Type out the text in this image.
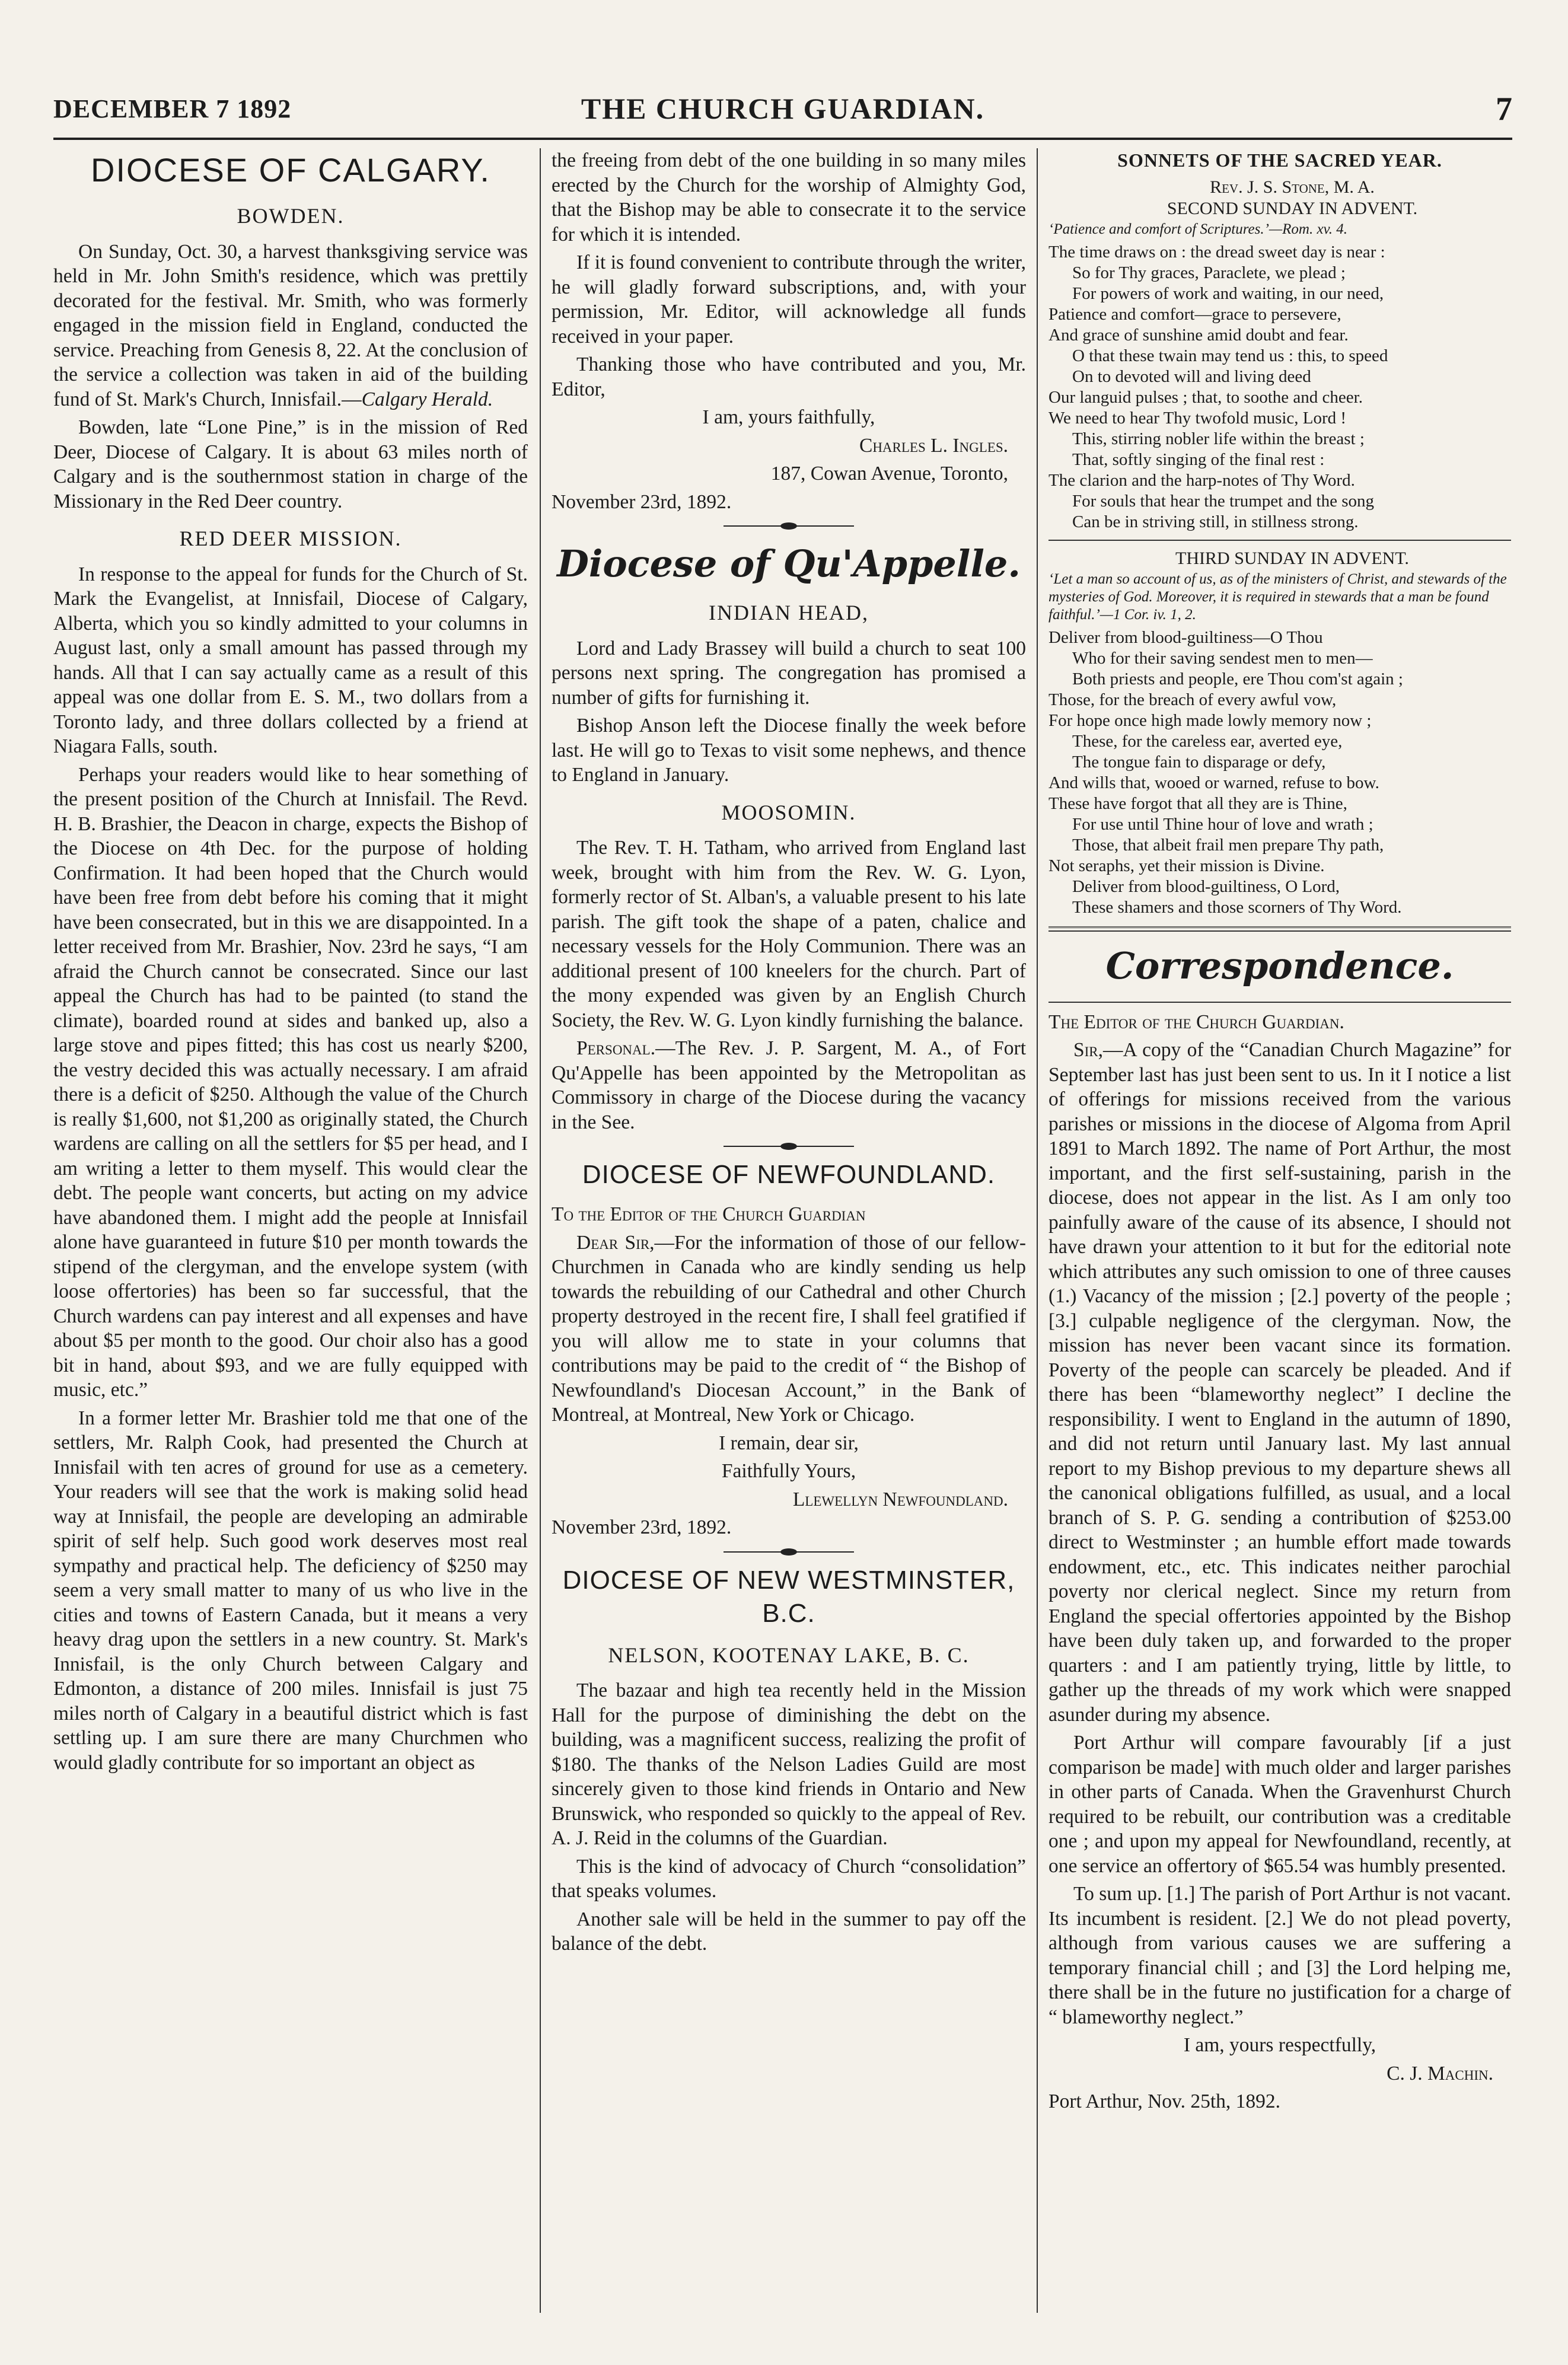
DECEMBER 7 1892	THE CHURCH GUARDIAN.	7
DIOCESE OF CALGARY.
BOWDEN.

On Sunday, Oct. 30, a harvest thanksgiving service was held in Mr. John Smith's residence, which was prettily decorated for the festival. Mr. Smith, who was formerly engaged in the mission field in England, conducted the service. Preaching from Genesis 8, 22. At the conclusion of the service a collection was taken in aid of the building fund of St. Mark's Church, Innisfail.—Calgary Herald.

Bowden, late “Lone Pine,” is in the mission of Red Deer, Diocese of Calgary. It is about 63 miles north of Calgary and is the southernmost station in charge of the Missionary in the Red Deer country.

RED DEER MISSION.

In response to the appeal for funds for the Church of St. Mark the Evangelist, at Innisfail, Diocese of Calgary, Alberta, which you so kindly admitted to your columns in August last, only a small amount has passed through my hands. All that I can say actually came as a result of this appeal was one dollar from E. S. M., two dollars from a Toronto lady, and three dollars collected by a friend at Niagara Falls, south.

Perhaps your readers would like to hear something of the present position of the Church at Innisfail. The Revd. H. B. Brashier, the Deacon in charge, expects the Bishop of the Diocese on 4th Dec. for the purpose of holding Confirmation. It had been hoped that the Church would have been free from debt before his coming that it might have been consecrated, but in this we are disappointed. In a letter received from Mr. Brashier, Nov. 23rd he says, “I am afraid the Church cannot be consecrated. Since our last appeal the Church has had to be painted (to stand the climate), boarded round at sides and banked up, also a large stove and pipes fitted; this has cost us nearly $200, the vestry decided this was actually necessary. I am afraid there is a deficit of $250. Although the value of the Church is really $1,600, not $1,200 as originally stated, the Church wardens are calling on all the settlers for $5 per head, and I am writing a letter to them myself. This would clear the debt. The people want concerts, but acting on my advice have abandoned them. I might add the people at Innisfail alone have guaranteed in future $10 per month towards the stipend of the clergyman, and the envelope system (with loose offertories) has been so far successful, that the Church wardens can pay interest and all expenses and have about $5 per month to the good. Our choir also has a good bit in hand, about $93, and we are fully equipped with music, etc.”

In a former letter Mr. Brashier told me that one of the settlers, Mr. Ralph Cook, had presented the Church at Innisfail with ten acres of ground for use as a cemetery. Your readers will see that the work is making solid head way at Innisfail, the people are developing an admirable spirit of self help. Such good work deserves most real sympathy and practical help. The deficiency of $250 may seem a very small matter to many of us who live in the cities and towns of Eastern Canada, but it means a very heavy drag upon the settlers in a new country. St. Mark's Innisfail, is the only Church between Calgary and Edmonton, a distance of 200 miles. Innisfail is just 75 miles north of Calgary in a beautiful district which is fast settling up. I am sure there are many Churchmen who would gladly contribute for so important an object as

the freeing from debt of the one building in so many miles erected by the Church for the worship of Almighty God, that the Bishop may be able to consecrate it to the service for which it is intended.

If it is found convenient to contribute through the writer, he will gladly forward subscriptions, and, with your permission, Mr. Editor, will acknowledge all funds received in your paper.

Thanking those who have contributed and you, Mr. Editor,

I am, yours faithfully,

Charles L. Ingles.

187, Cowan Avenue, Toronto,

November 23rd, 1892.

Diocese of Qu'Appelle.
INDIAN HEAD,

Lord and Lady Brassey will build a church to seat 100 persons next spring. The congregation has promised a number of gifts for furnishing it.

Bishop Anson left the Diocese finally the week before last. He will go to Texas to visit some nephews, and thence to England in January.

MOOSOMIN.

The Rev. T. H. Tatham, who arrived from England last week, brought with him from the Rev. W. G. Lyon, formerly rector of St. Alban's, a valuable present to his late parish. The gift took the shape of a paten, chalice and necessary vessels for the Holy Communion. There was an additional present of 100 kneelers for the church. Part of the mony expended was given by an English Church Society, the Rev. W. G. Lyon kindly furnishing the balance.

Personal.—The Rev. J. P. Sargent, M. A., of Fort Qu'Appelle has been appointed by the Metropolitan as Commissory in charge of the Diocese during the vacancy in the See.

DIOCESE OF NEWFOUNDLAND.

To the Editor of the Church Guardian

Dear Sir,—For the information of those of our fellow-Churchmen in Canada who are kindly sending us help towards the rebuilding of our Cathedral and other Church property destroyed in the recent fire, I shall feel gratified if you will allow me to state in your columns that contributions may be paid to the credit of “ the Bishop of Newfoundland's Diocesan Account,” in the Bank of Montreal, at Montreal, New York or Chicago.

I remain, dear sir,

Faithfully Yours,

Llewellyn Newfoundland.

November 23rd, 1892.

DIOCESE OF NEW WESTMINSTER, B.C.
NELSON, KOOTENAY LAKE, B. C.

The bazaar and high tea recently held in the Mission Hall for the purpose of diminishing the debt on the building, was a magnificent success, realizing the profit of $180. The thanks of the Nelson Ladies Guild are most sincerely given to those kind friends in Ontario and New Brunswick, who responded so quickly to the appeal of Rev. A. J. Reid in the columns of the Guardian.

This is the kind of advocacy of Church “consolidation” that speaks volumes.

Another sale will be held in the summer to pay off the balance of the debt.

SONNETS OF THE SACRED YEAR.

Rev. J. S. Stone, M. A.

SECOND SUNDAY IN ADVENT.

‘Patience and comfort of Scriptures.’—Rom. xv. 4.

The time draws on : the dread sweet day is near :
So for Thy graces, Paraclete, we plead ;
For powers of work and waiting, in our need,
Patience and comfort—grace to persevere,
And grace of sunshine amid doubt and fear.
O that these twain may tend us : this, to speed
On to devoted will and living deed
Our languid pulses ; that, to soothe and cheer.
We need to hear Thy twofold music, Lord !
This, stirring nobler life within the breast ;
That, softly singing of the final rest :
The clarion and the harp-notes of Thy Word.
For souls that hear the trumpet and the song
Can be in striving still, in stillness strong.

THIRD SUNDAY IN ADVENT.

‘Let a man so account of us, as of the ministers of Christ, and stewards of the mysteries of God. Moreover, it is required in stewards that a man be found faithful.’—1 Cor. iv. 1, 2.

Deliver from blood-guiltiness—O Thou
Who for their saving sendest men to men—
Both priests and people, ere Thou com'st again ;
Those, for the breach of every awful vow,
For hope once high made lowly memory now ;
These, for the careless ear, averted eye,
The tongue fain to disparage or defy,
And wills that, wooed or warned, refuse to bow.
These have forgot that all they are is Thine,
For use until Thine hour of love and wrath ;
Those, that albeit frail men prepare Thy path,
Not seraphs, yet their mission is Divine.
Deliver from blood-guiltiness, O Lord,
These shamers and those scorners of Thy Word.
Correspondence.

The Editor of the Church Guardian.

Sir,—A copy of the “Canadian Church Magazine” for September last has just been sent to us. In it I notice a list of offerings for missions received from the various parishes or missions in the diocese of Algoma from April 1891 to March 1892. The name of Port Arthur, the most important, and the first self-sustaining, parish in the diocese, does not appear in the list. As I am only too painfully aware of the cause of its absence, I should not have drawn your attention to it but for the editorial note which attributes any such omission to one of three causes (1.) Vacancy of the mission ; [2.] poverty of the people ; [3.] culpable negligence of the clergyman. Now, the mission has never been vacant since its formation. Poverty of the people can scarcely be pleaded. And if there has been “blameworthy neglect” I decline the responsibility. I went to England in the autumn of 1890, and did not return until January last. My last annual report to my Bishop previous to my departure shews all the canonical obligations fulfilled, as usual, and a local branch of S. P. G. sending a contribution of $253.00 direct to Westminster ; an humble effort made towards endowment, etc., etc. This indicates neither parochial poverty nor clerical neglect. Since my return from England the special offertories appointed by the Bishop have been duly taken up, and forwarded to the proper quarters : and I am patiently trying, little by little, to gather up the threads of my work which were snapped asunder during my absence.

Port Arthur will compare favourably [if a just comparison be made] with much older and larger parishes in other parts of Canada. When the Gravenhurst Church required to be rebuilt, our contribution was a creditable one ; and upon my appeal for Newfoundland, recently, at one service an offertory of $65.54 was humbly presented.

To sum up. [1.] The parish of Port Arthur is not vacant. Its incumbent is resident. [2.] We do not plead poverty, although from various causes we are suffering a temporary financial chill ; and [3] the Lord helping me, there shall be in the future no justification for a charge of “ blameworthy neglect.”

I am, yours respectfully,

C. J. Machin.

Port Arthur, Nov. 25th, 1892.
